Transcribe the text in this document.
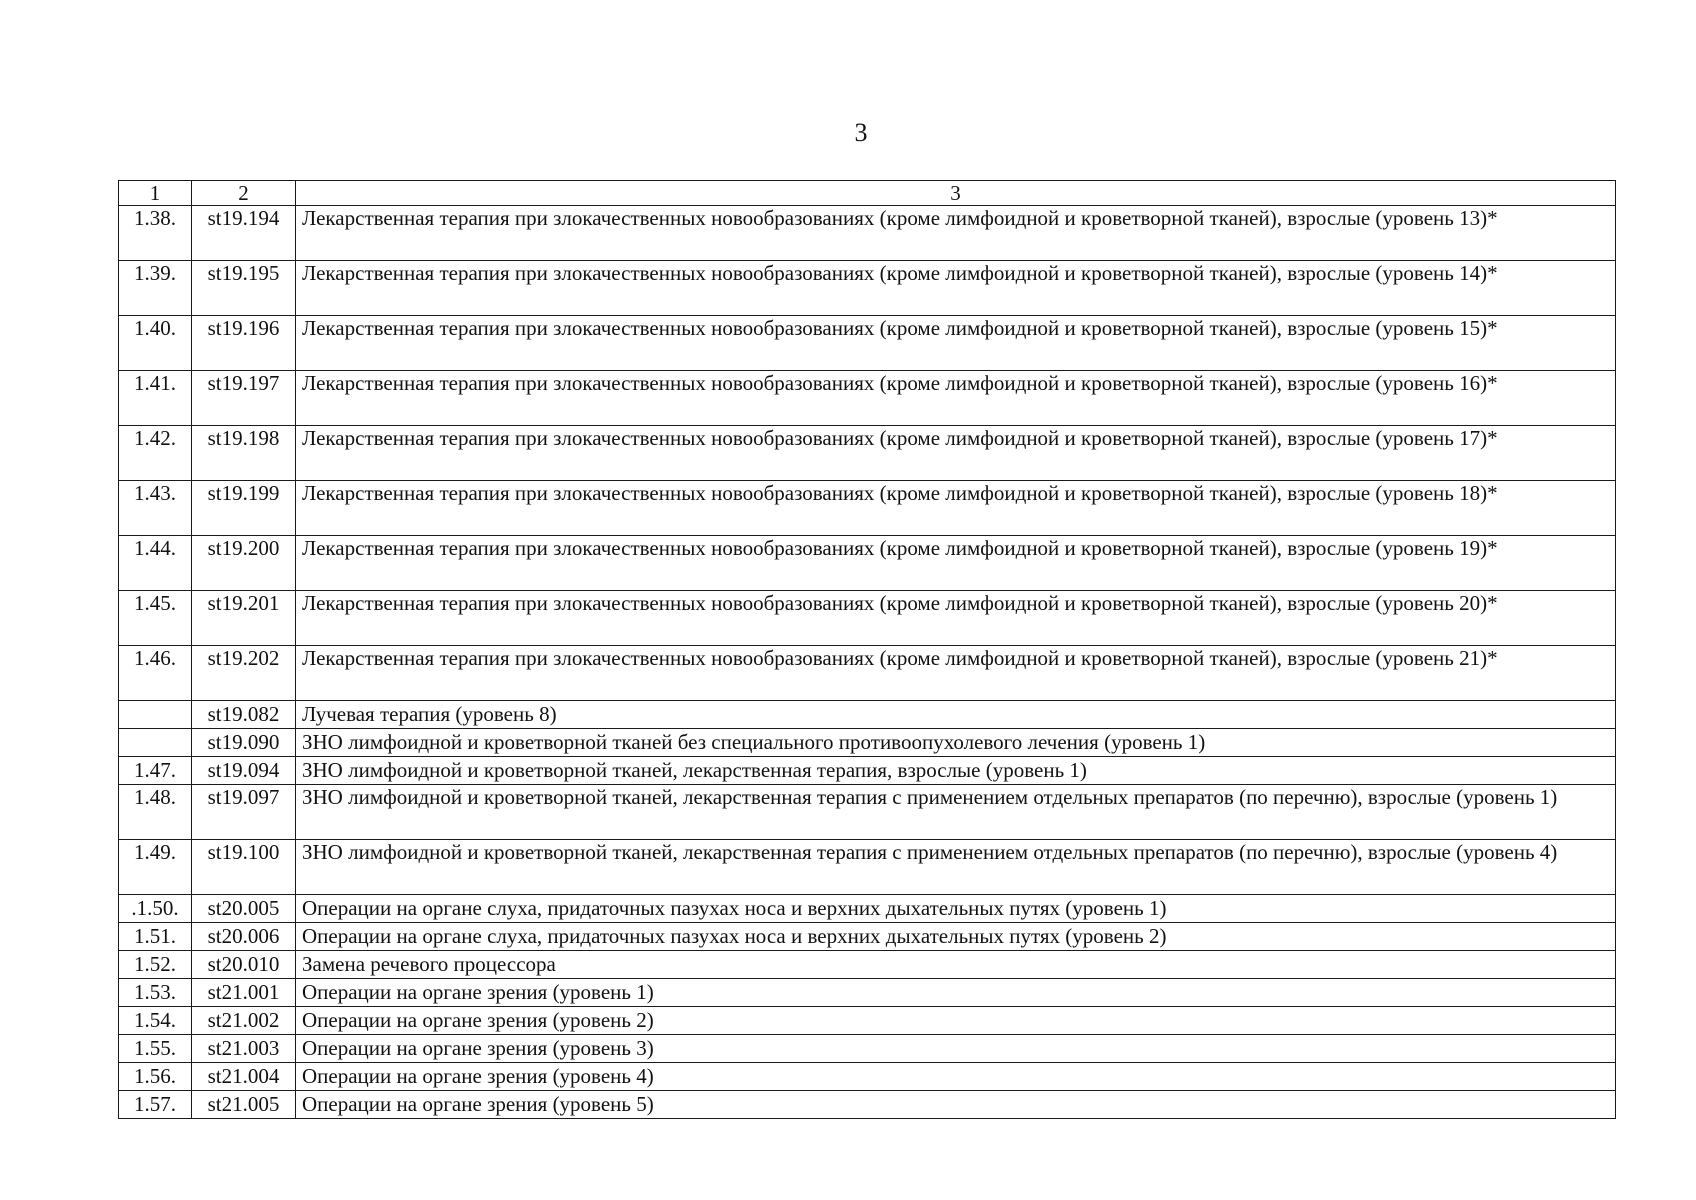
3
1	2	3
1.38.	st19.194	Лекарственная терапия при злокачественных новообразованиях (кроме лимфоидной и кроветворной тканей), взрослые (уровень 13)*
1.39.	st19.195	Лекарственная терапия при злокачественных новообразованиях (кроме лимфоидной и кроветворной тканей), взрослые (уровень 14)*
1.40.	st19.196	Лекарственная терапия при злокачественных новообразованиях (кроме лимфоидной и кроветворной тканей), взрослые (уровень 15)*
1.41.	st19.197	Лекарственная терапия при злокачественных новообразованиях (кроме лимфоидной и кроветворной тканей), взрослые (уровень 16)*
1.42.	st19.198	Лекарственная терапия при злокачественных новообразованиях (кроме лимфоидной и кроветворной тканей), взрослые (уровень 17)*
1.43.	st19.199	Лекарственная терапия при злокачественных новообразованиях (кроме лимфоидной и кроветворной тканей), взрослые (уровень 18)*
1.44.	st19.200	Лекарственная терапия при злокачественных новообразованиях (кроме лимфоидной и кроветворной тканей), взрослые (уровень 19)*
1.45.	st19.201	Лекарственная терапия при злокачественных новообразованиях (кроме лимфоидной и кроветворной тканей), взрослые (уровень 20)*
1.46.	st19.202	Лекарственная терапия при злокачественных новообразованиях (кроме лимфоидной и кроветворной тканей), взрослые (уровень 21)*
	st19.082	Лучевая терапия (уровень 8)
	st19.090	ЗНО лимфоидной и кроветворной тканей без специального противоопухолевого лечения (уровень 1)
1.47.	st19.094	ЗНО лимфоидной и кроветворной тканей, лекарственная терапия, взрослые (уровень 1)
1.48.	st19.097	ЗНО лимфоидной и кроветворной тканей, лекарственная терапия с применением отдельных препаратов (по перечню), взрослые (уровень 1)
1.49.	st19.100	ЗНО лимфоидной и кроветворной тканей, лекарственная терапия с применением отдельных препаратов (по перечню), взрослые (уровень 4)
.1.50.	st20.005	Операции на органе слуха, придаточных пазухах носа и верхних дыхательных путях (уровень 1)
1.51.	st20.006	Операции на органе слуха, придаточных пазухах носа и верхних дыхательных путях (уровень 2)
1.52.	st20.010	Замена речевого процессора
1.53.	st21.001	Операции на органе зрения (уровень 1)
1.54.	st21.002	Операции на органе зрения (уровень 2)
1.55.	st21.003	Операции на органе зрения (уровень 3)
1.56.	st21.004	Операции на органе зрения (уровень 4)
1.57.	st21.005	Операции на органе зрения (уровень 5)
